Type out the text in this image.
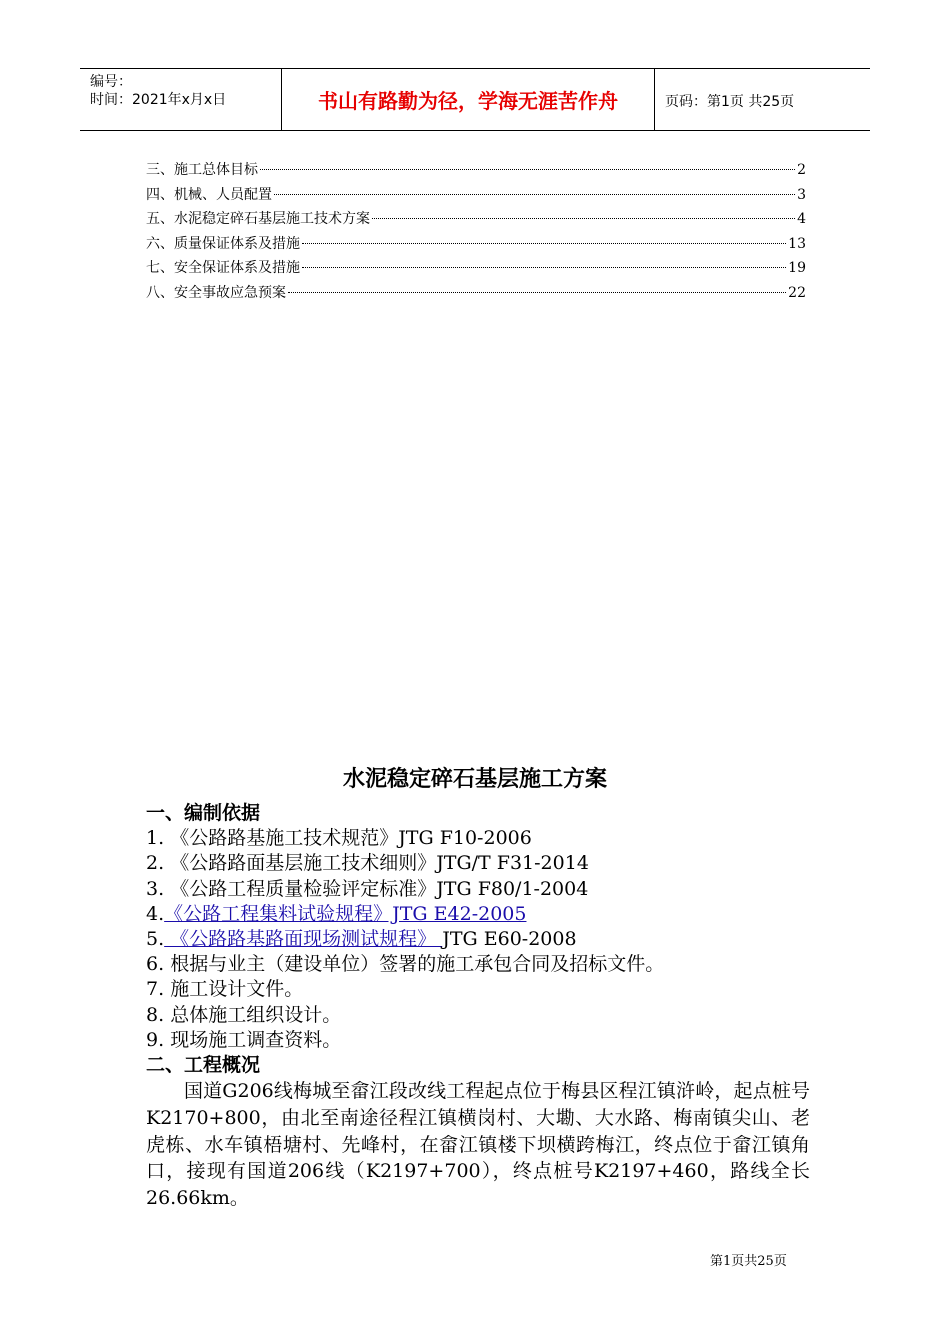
编号：
时间：2021年x月x日	书山有路勤为径，学海无涯苦作舟	页码：第1页 共25页
三、施工总体目标	2
四、机械、人员配置	3
五、水泥稳定碎石基层施工技术方案	4
六、质量保证体系及措施	13
七、安全保证体系及措施	19
八、安全事故应急预案	22
水泥稳定碎石基层施工方案
一、编制依据
1. 《公路路基施工技术规范》JTG F10-2006
2. 《公路路面基层施工技术细则》JTG/T F31-2014
3. 《公路工程质量检验评定标准》JTG F80/1-2004
4.《公路工程集料试验规程》JTG E42-2005
5. 《公路路基路面现场测试规程》 JTG E60-2008
6. 根据与业主（建设单位）签署的施工承包合同及招标文件。
7. 施工设计文件。
8. 总体施工组织设计。
9. 现场施工调查资料。
二、工程概况

国道G206线梅城至畲江段改线工程起点位于梅县区程江镇浒岭，起点桩号K2170+800，由北至南途径程江镇横岗村、大墈、大水路、梅南镇尖山、老虎栋、水车镇梧塘村、先峰村，在畲江镇楼下坝横跨梅江，终点位于畲江镇角口，接现有国道206线（K2197+700），终点桩号K2197+460，路线全长26.66km。

第1页共25页
